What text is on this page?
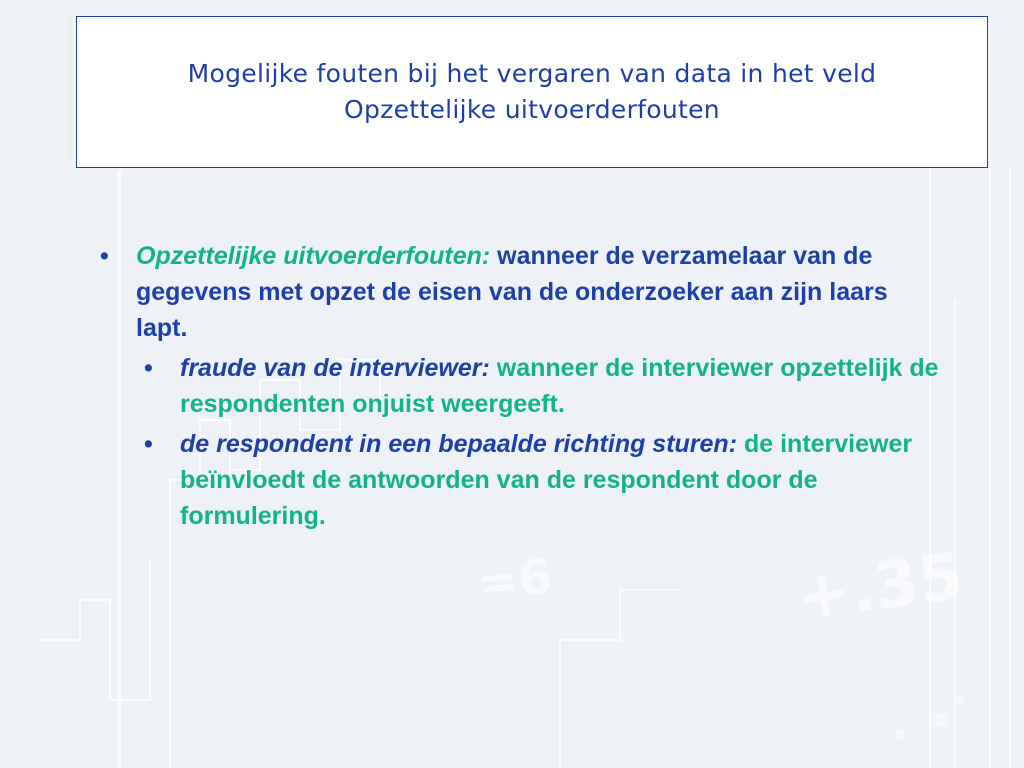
+.35
=6
Mogelijke fouten bij het vergaren van data in het veld
Opzettelijke uitvoerderfouten
•	Opzettelijke uitvoerderfouten: wanneer de verzamelaar van de gegevens met opzet de eisen van de onderzoeker aan zijn laars lapt.
•	fraude van de interviewer: wanneer de interviewer opzettelijk de respondenten onjuist weergeeft.
•	de respondent in een bepaalde richting sturen: de interviewer beïnvloedt de antwoorden van de respondent door de formulering.
